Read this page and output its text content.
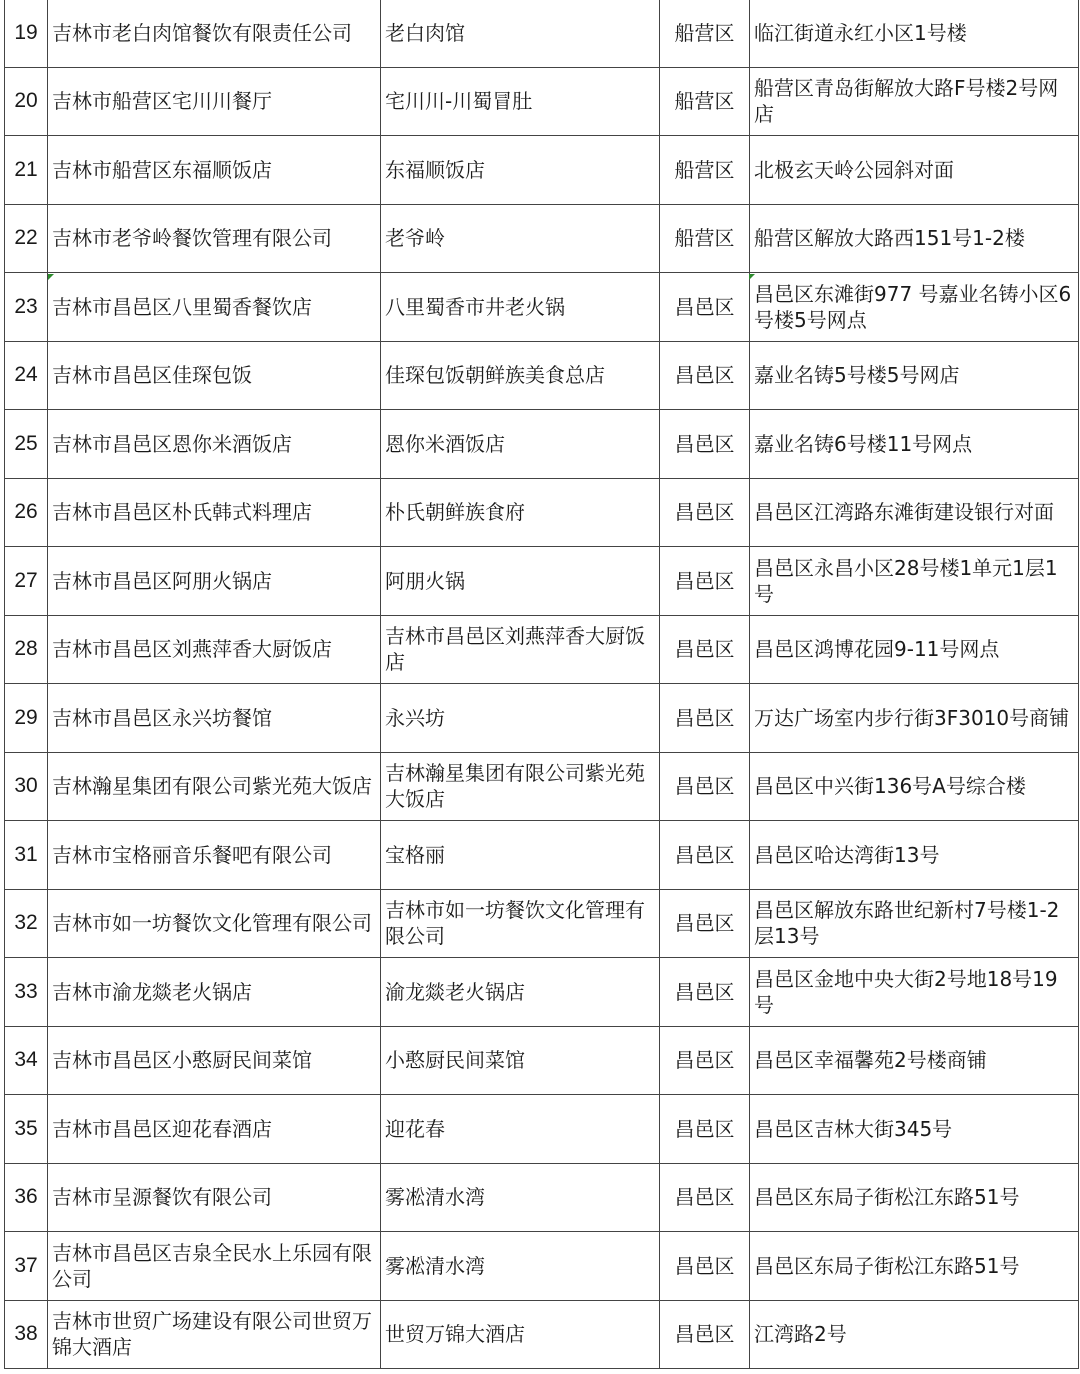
19	吉林市老白肉馆餐饮有限责任公司	老白肉馆	船营区	临江街道永红小区1号楼
20	吉林市船营区宅川川餐厅	宅川川-川蜀冒肚	船营区	船营区青岛街解放大路F号楼2号网店
21	吉林市船营区东福顺饭店	东福顺饭店	船营区	北极玄天岭公园斜对面
22	吉林市老爷岭餐饮管理有限公司	老爷岭	船营区	船营区解放大路西151号1-2楼
23	吉林市昌邑区八里蜀香餐饮店	八里蜀香市井老火锅	昌邑区	昌邑区东滩街977 号嘉业名铸小区6号楼5号网点
24	吉林市昌邑区佳琛包饭	佳琛包饭朝鲜族美食总店	昌邑区	嘉业名铸5号楼5号网店
25	吉林市昌邑区恩你米酒饭店	恩你米酒饭店	昌邑区	嘉业名铸6号楼11号网点
26	吉林市昌邑区朴氏韩式料理店	朴氏朝鲜族食府	昌邑区	昌邑区江湾路东滩街建设银行对面
27	吉林市昌邑区阿朋火锅店	阿朋火锅	昌邑区	昌邑区永昌小区28号楼1单元1层1号
28	吉林市昌邑区刘燕萍香大厨饭店	吉林市昌邑区刘燕萍香大厨饭店	昌邑区	昌邑区鸿博花园9-11号网点
29	吉林市昌邑区永兴坊餐馆	永兴坊	昌邑区	万达广场室内步行街3F3010号商铺
30	吉林瀚星集团有限公司紫光苑大饭店	吉林瀚星集团有限公司紫光苑大饭店	昌邑区	昌邑区中兴街136号A号综合楼
31	吉林市宝格丽音乐餐吧有限公司	宝格丽	昌邑区	昌邑区哈达湾街13号
32	吉林市如一坊餐饮文化管理有限公司	吉林市如一坊餐饮文化管理有限公司	昌邑区	昌邑区解放东路世纪新村7号楼1-2层13号
33	吉林市渝龙燚老火锅店	渝龙燚老火锅店	昌邑区	昌邑区金地中央大街2号地18号19号
34	吉林市昌邑区小憨厨民间菜馆	小憨厨民间菜馆	昌邑区	昌邑区幸福馨苑2号楼商铺
35	吉林市昌邑区迎花春酒店	迎花春	昌邑区	昌邑区吉林大街345号
36	吉林市呈源餐饮有限公司	雾凇清水湾	昌邑区	昌邑区东局子街松江东路51号
37	吉林市昌邑区吉泉全民水上乐园有限公司	雾凇清水湾	昌邑区	昌邑区东局子街松江东路51号
38	吉林市世贸广场建设有限公司世贸万锦大酒店	世贸万锦大酒店	昌邑区	江湾路2号
